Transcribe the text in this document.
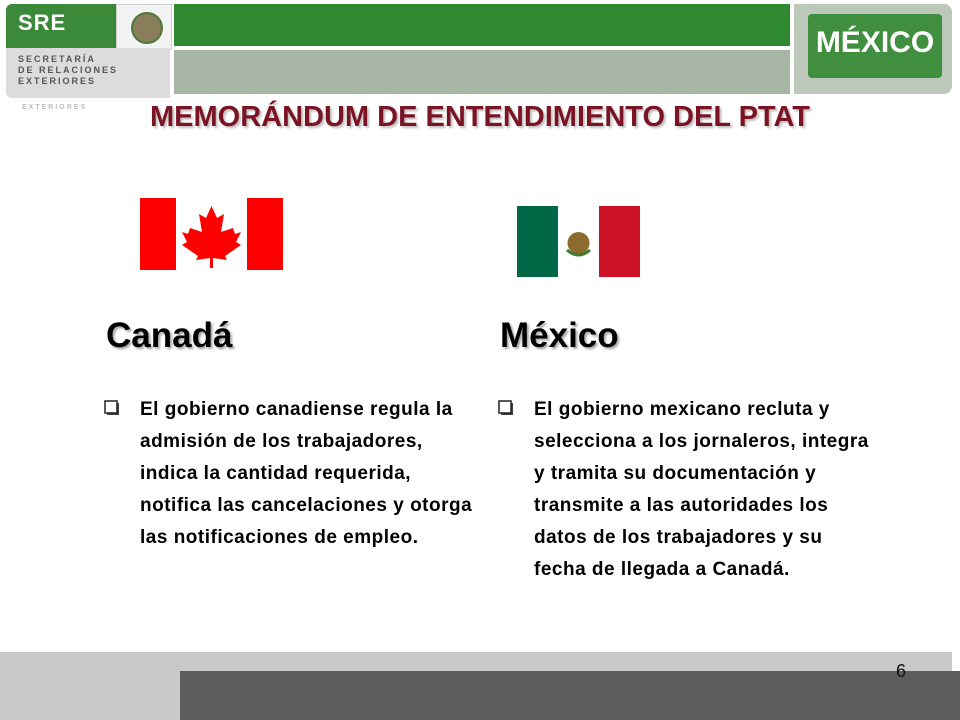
SRE
SECRETARÍA
DE RELACIONES
EXTERIORES
EXTERIORES
MÉXICO
MEMORÁNDUM DE ENTENDIMIENTO DEL PTAT
Canadá	México
El gobierno canadiense regula la admisión de los trabajadores, indica la cantidad requerida, notifica las cancelaciones y otorga las notificaciones de empleo.
El gobierno mexicano recluta y selecciona a los jornaleros, integra y tramita su documentación y transmite a las autoridades los datos de los trabajadores y su fecha de llegada a Canadá.
6
